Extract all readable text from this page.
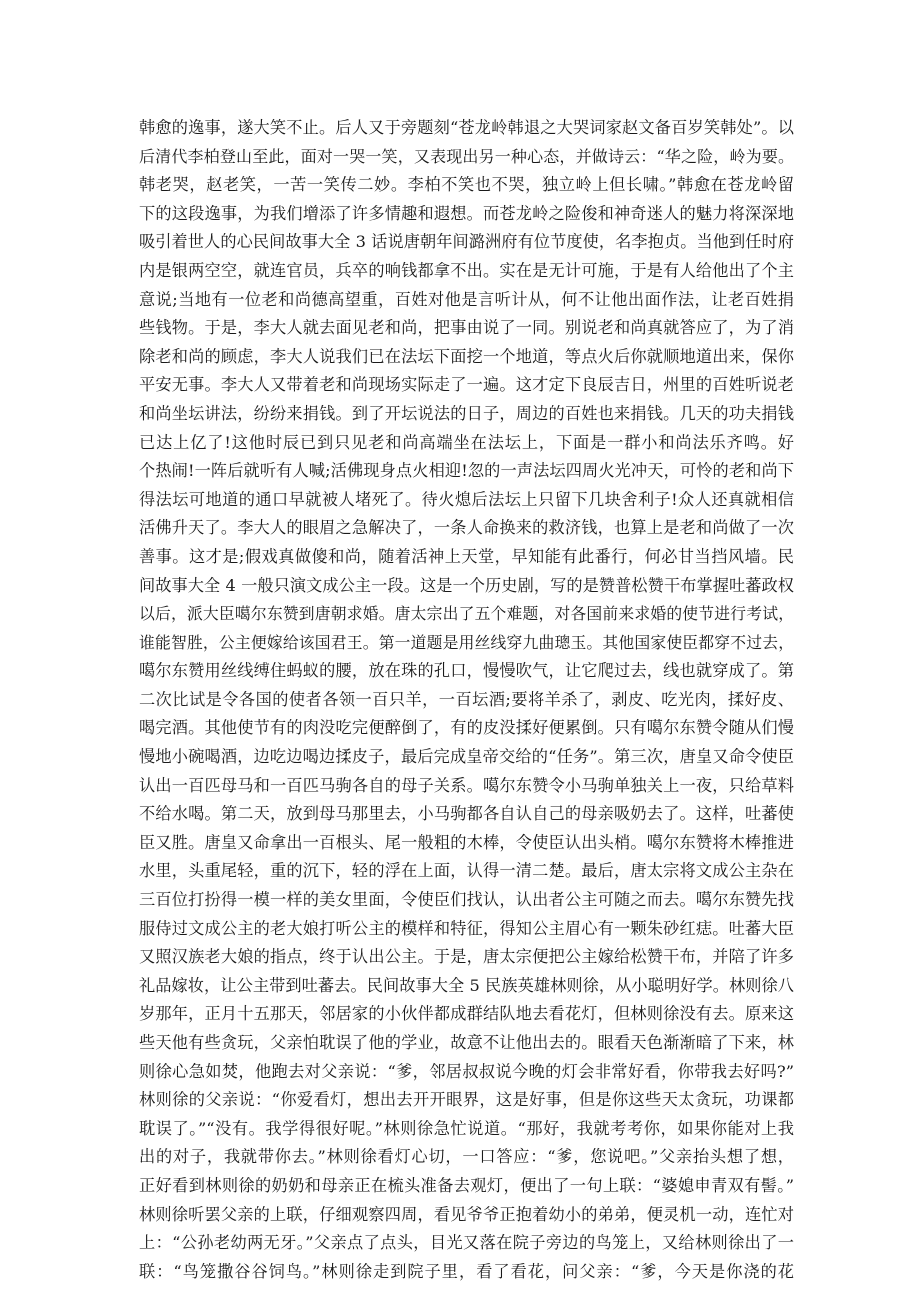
韩愈的逸事，遂大笑不止。后人又于旁题刻“苍龙岭韩退之大哭词家赵文备百岁笑韩处”。以
后清代李柏登山至此，面对一哭一笑，又表现出另一种心态，并做诗云：“华之险，岭为要。
韩老哭，赵老笑，一苦一笑传二妙。李柏不笑也不哭，独立岭上但长啸。”韩愈在苍龙岭留
下的这段逸事，为我们增添了许多情趣和遐想。而苍龙岭之险俊和神奇迷人的魅力将深深地
吸引着世人的心民间故事大全 3 话说唐朝年间潞洲府有位节度使，名李抱贞。当他到任时府
内是银两空空，就连官员，兵卒的响钱都拿不出。实在是无计可施，于是有人给他出了个主
意说;当地有一位老和尚德高望重，百姓对他是言听计从，何不让他出面作法，让老百姓捐
些钱物。于是，李大人就去面见老和尚，把事由说了一同。别说老和尚真就答应了，为了消
除老和尚的顾虑，李大人说我们已在法坛下面挖一个地道，等点火后你就顺地道出来，保你
平安无事。李大人又带着老和尚现场实际走了一遍。这才定下良辰吉日，州里的百姓听说老
和尚坐坛讲法，纷纷来捐钱。到了开坛说法的日子，周边的百姓也来捐钱。几天的功夫捐钱
已达上亿了!这他时辰已到只见老和尚高端坐在法坛上，下面是一群小和尚法乐齐鸣。好
个热闹!一阵后就听有人喊;活佛现身点火相迎!忽的一声法坛四周火光冲天，可怜的老和尚下
得法坛可地道的通口早就被人堵死了。待火熄后法坛上只留下几块舍利子!众人还真就相信
活佛升天了。李大人的眼眉之急解决了，一条人命换来的救济钱，也算上是老和尚做了一次
善事。这才是;假戏真做傻和尚，随着活神上天堂，早知能有此番行，何必甘当挡风墙。民
间故事大全 4 一般只演文成公主一段。这是一个历史剧，写的是赞普松赞干布掌握吐蕃政权
以后，派大臣噶尔东赞到唐朝求婚。唐太宗出了五个难题，对各国前来求婚的使节进行考试，
谁能智胜，公主便嫁给该国君王。第一道题是用丝线穿九曲璁玉。其他国家使臣都穿不过去，
噶尔东赞用丝线缚住蚂蚁的腰，放在珠的孔口，慢慢吹气，让它爬过去，线也就穿成了。第
二次比试是令各国的使者各领一百只羊，一百坛酒;要将羊杀了，剥皮、吃光肉，揉好皮、
喝完酒。其他使节有的肉没吃完便醉倒了，有的皮没揉好便累倒。只有噶尔东赞令随从们慢
慢地小碗喝酒，边吃边喝边揉皮子，最后完成皇帝交给的“任务”。第三次，唐皇又命令使臣
认出一百匹母马和一百匹马驹各自的母子关系。噶尔东赞令小马驹单独关上一夜，只给草料
不给水喝。第二天，放到母马那里去，小马驹都各自认自己的母亲吸奶去了。这样，吐蕃使
臣又胜。唐皇又命拿出一百根头、尾一般粗的木棒，令使臣认出头梢。噶尔东赞将木棒推进
水里，头重尾轻，重的沉下，轻的浮在上面，认得一清二楚。最后，唐太宗将文成公主杂在
三百位打扮得一模一样的美女里面，令使臣们找认，认出者公主可随之而去。噶尔东赞先找
服侍过文成公主的老大娘打听公主的模样和特征，得知公主眉心有一颗朱砂红痣。吐蕃大臣
又照汉族老大娘的指点，终于认出公主。于是，唐太宗便把公主嫁给松赞干布，并陪了许多
礼品嫁妆，让公主带到吐蕃去。民间故事大全 5 民族英雄林则徐，从小聪明好学。林则徐八
岁那年，正月十五那天，邻居家的小伙伴都成群结队地去看花灯，但林则徐没有去。原来这
些天他有些贪玩，父亲怕耽误了他的学业，故意不让他出去的。眼看天色渐渐暗了下来，林
则徐心急如焚，他跑去对父亲说：“爹，邻居叔叔说今晚的灯会非常好看，你带我去好吗?”
林则徐的父亲说：“你爱看灯，想出去开开眼界，这是好事，但是你这些天太贪玩，功课都
耽误了。”“没有。我学得很好呢。”林则徐急忙说道。“那好，我就考考你，如果你能对上我
出的对子，我就带你去。”林则徐看灯心切，一口答应：“爹，您说吧。”父亲抬头想了想，
正好看到林则徐的奶奶和母亲正在梳头准备去观灯，便出了一句上联：“婆媳申青双有髻。”
林则徐听罢父亲的上联，仔细观察四周，看见爷爷正抱着幼小的弟弟，便灵机一动，连忙对
上：“公孙老幼两无牙。”父亲点了点头，目光又落在院子旁边的鸟笼上，又给林则徐出了一
联：“鸟笼撒谷谷饲鸟。”林则徐走到院子里，看了看花，问父亲：“爹，今天是你浇的花
